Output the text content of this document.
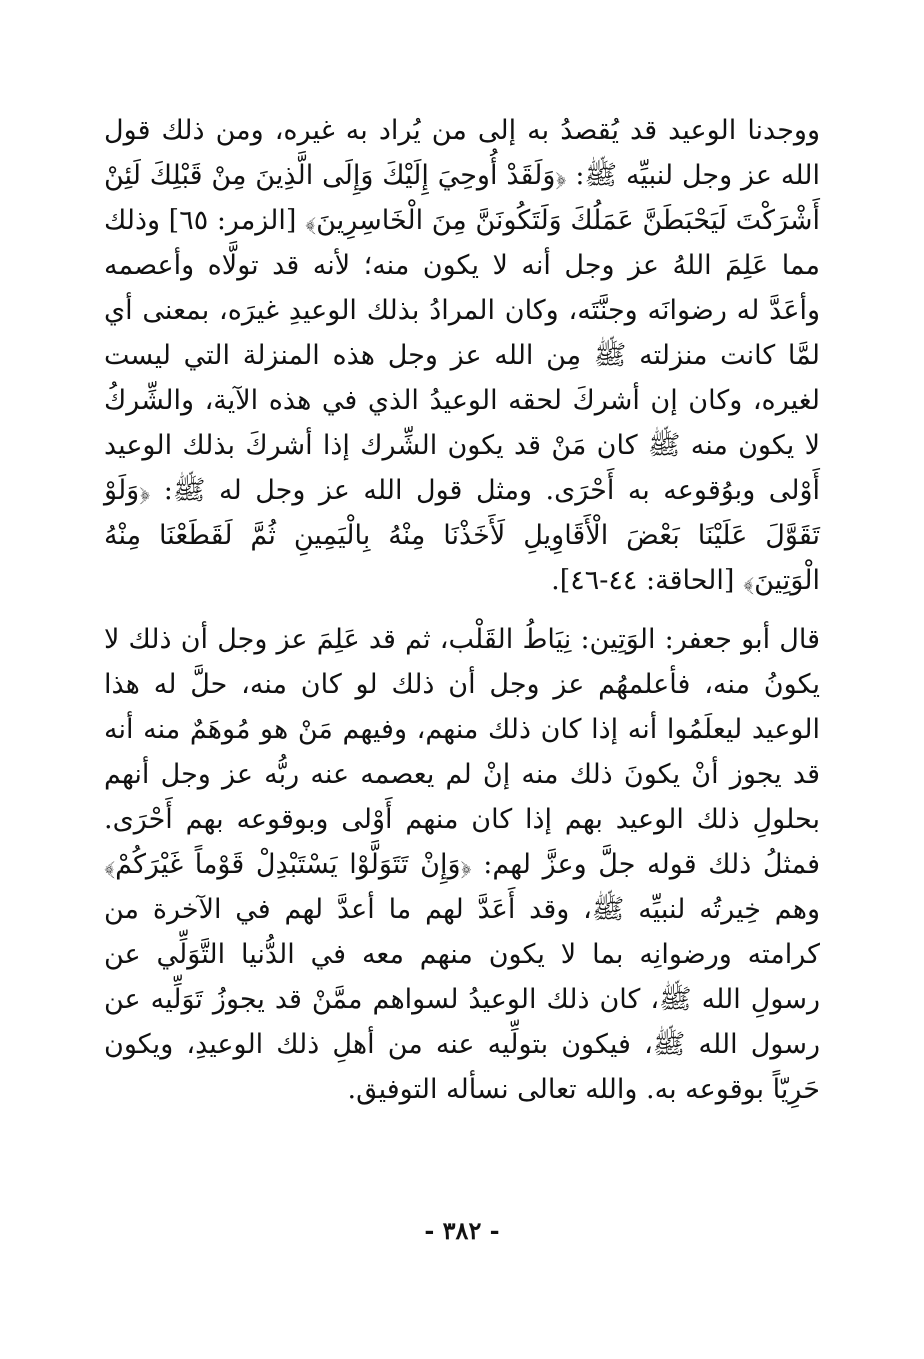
ووجدنا الوعيد قد يُقصدُ به إلى من يُراد به غيره، ومن ذلك قول الله عز وجل لنبيِّه ﷺ: ﴿وَلَقَدْ أُوحِيَ إِلَيْكَ وَإِلَى الَّذِينَ مِنْ قَبْلِكَ لَئِنْ أَشْرَكْتَ لَيَحْبَطَنَّ عَمَلُكَ وَلَتَكُونَنَّ مِنَ الْخَاسِرِينَ﴾ [الزمر: ٦٥] وذلك مما عَلِمَ اللهُ عز وجل أنه لا يكون منه؛ لأنه قد تولَّاه وأعصمه وأعَدَّ له رضوانَه وجنَّتَه، وكان المرادُ بذلك الوعيدِ غيرَه، بمعنى أي لمَّا كانت منزلته ﷺ مِن الله عز وجل هذه المنزلة التي ليست لغيره، وكان إن أشركَ لحقه الوعيدُ الذي في هذه الآية، والشِّركُ لا يكون منه ﷺ كان مَنْ قد يكون الشِّرك إذا أشركَ بذلك الوعيد أَوْلى وبوُقوعه به أَحْرَى. ومثل قول الله عز وجل له ﷺ: ﴿وَلَوْ تَقَوَّلَ عَلَيْنَا بَعْضَ الْأَقَاوِيلِ لَأَخَذْنَا مِنْهُ بِالْيَمِينِ ثُمَّ لَقَطَعْنَا مِنْهُ الْوَتِينَ﴾ [الحاقة: ٤٤-٤٦].

قال أبو جعفر: الوَتِين: نِيَاطُ القَلْب، ثم قد عَلِمَ عز وجل أن ذلك لا يكونُ منه، فأعلمهُم عز وجل أن ذلك لو كان منه، حلَّ له هذا الوعيد ليعلَمُوا أنه إذا كان ذلك منهم، وفيهم مَنْ هو مُوهَمٌ منه أنه قد يجوز أنْ يكونَ ذلك منه إنْ لم يعصمه عنه ربُّه عز وجل أنهم بحلولِ ذلك الوعيد بهم إذا كان منهم أَوْلى وبوقوعه بهم أَحْرَى. فمثلُ ذلك قوله جلَّ وعزَّ لهم: ﴿وَإِنْ تَتَوَلَّوْا يَسْتَبْدِلْ قَوْماً غَيْرَكُمْ﴾ وهم خِيرتُه لنبيِّه ﷺ، وقد أَعَدَّ لهم ما أعدَّ لهم في الآخرة من كرامته ورضوانِه بما لا يكون منهم معه في الدُّنيا التَّوَلِّي عن رسولِ الله ﷺ، كان ذلك الوعيدُ لسواهم ممَّنْ قد يجوزُ تَوَلِّيه عن رسول الله ﷺ، فيكون بتولِّيه عنه من أهلِ ذلك الوعيدِ، ويكون حَرِيّاً بوقوعه به. والله تعالى نسأله التوفيق.

- ٣٨٢ -
